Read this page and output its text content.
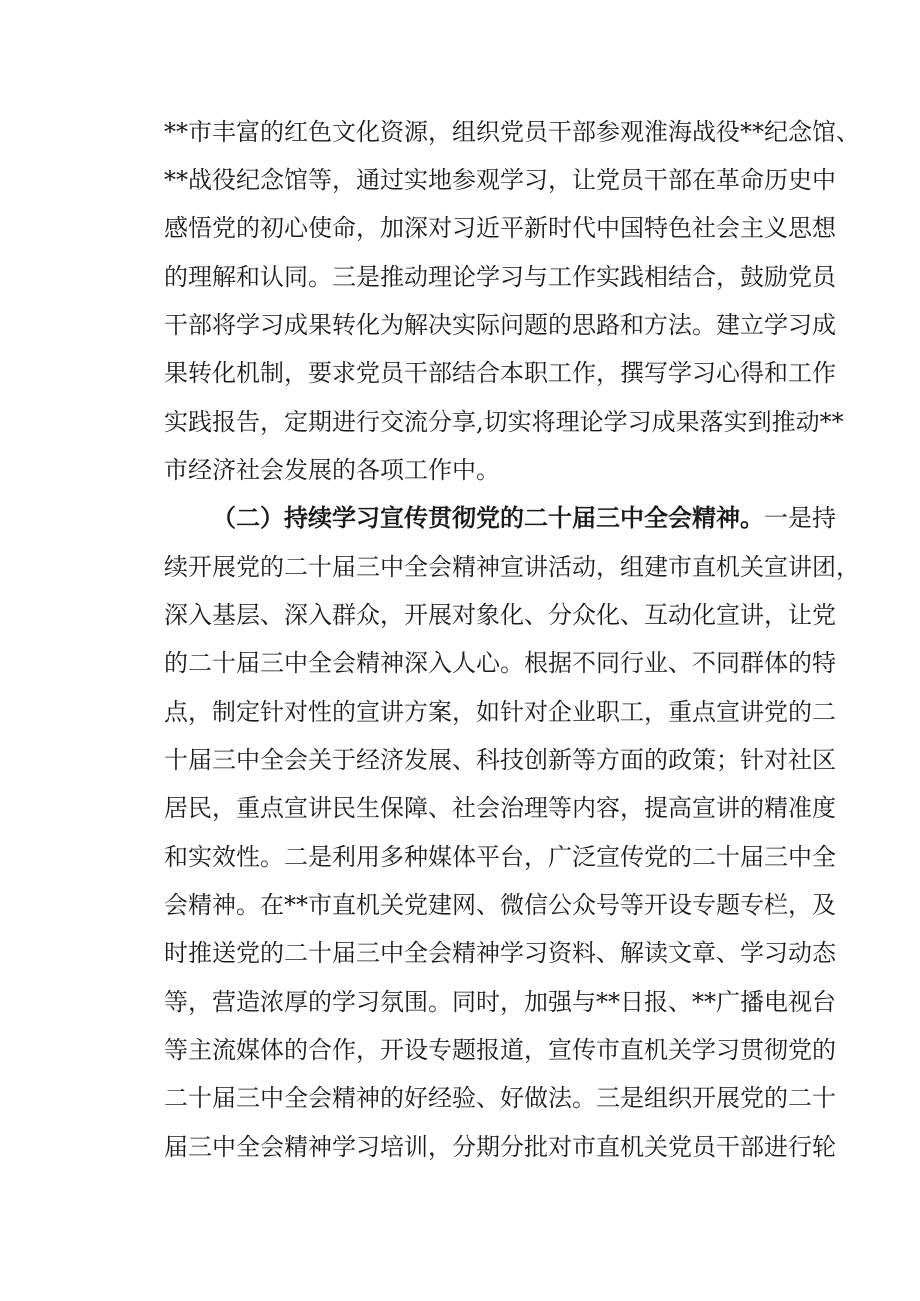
**市丰富的红色文化资源，组织党员干部参观淮海战役**纪念馆、
**战役纪念馆等，通过实地参观学习，让党员干部在革命历史中
感悟党的初心使命，加深对习近平新时代中国特色社会主义思想
的理解和认同。三是推动理论学习与工作实践相结合，鼓励党员
干部将学习成果转化为解决实际问题的思路和方法。建立学习成
果转化机制，要求党员干部结合本职工作，撰写学习心得和工作
实践报告，定期进行交流分享,切实将理论学习成果落实到推动**
市经济社会发展的各项工作中。
（二）持续学习宣传贯彻党的二十届三中全会精神。一是持
续开展党的二十届三中全会精神宣讲活动，组建市直机关宣讲团，
深入基层、深入群众，开展对象化、分众化、互动化宣讲，让党
的二十届三中全会精神深入人心。根据不同行业、不同群体的特
点，制定针对性的宣讲方案，如针对企业职工，重点宣讲党的二
十届三中全会关于经济发展、科技创新等方面的政策；针对社区
居民，重点宣讲民生保障、社会治理等内容，提高宣讲的精准度
和实效性。二是利用多种媒体平台，广泛宣传党的二十届三中全
会精神。在**市直机关党建网、微信公众号等开设专题专栏，及
时推送党的二十届三中全会精神学习资料、解读文章、学习动态
等，营造浓厚的学习氛围。同时，加强与**日报、**广播电视台
等主流媒体的合作，开设专题报道，宣传市直机关学习贯彻党的
二十届三中全会精神的好经验、好做法。三是组织开展党的二十
届三中全会精神学习培训，分期分批对市直机关党员干部进行轮
